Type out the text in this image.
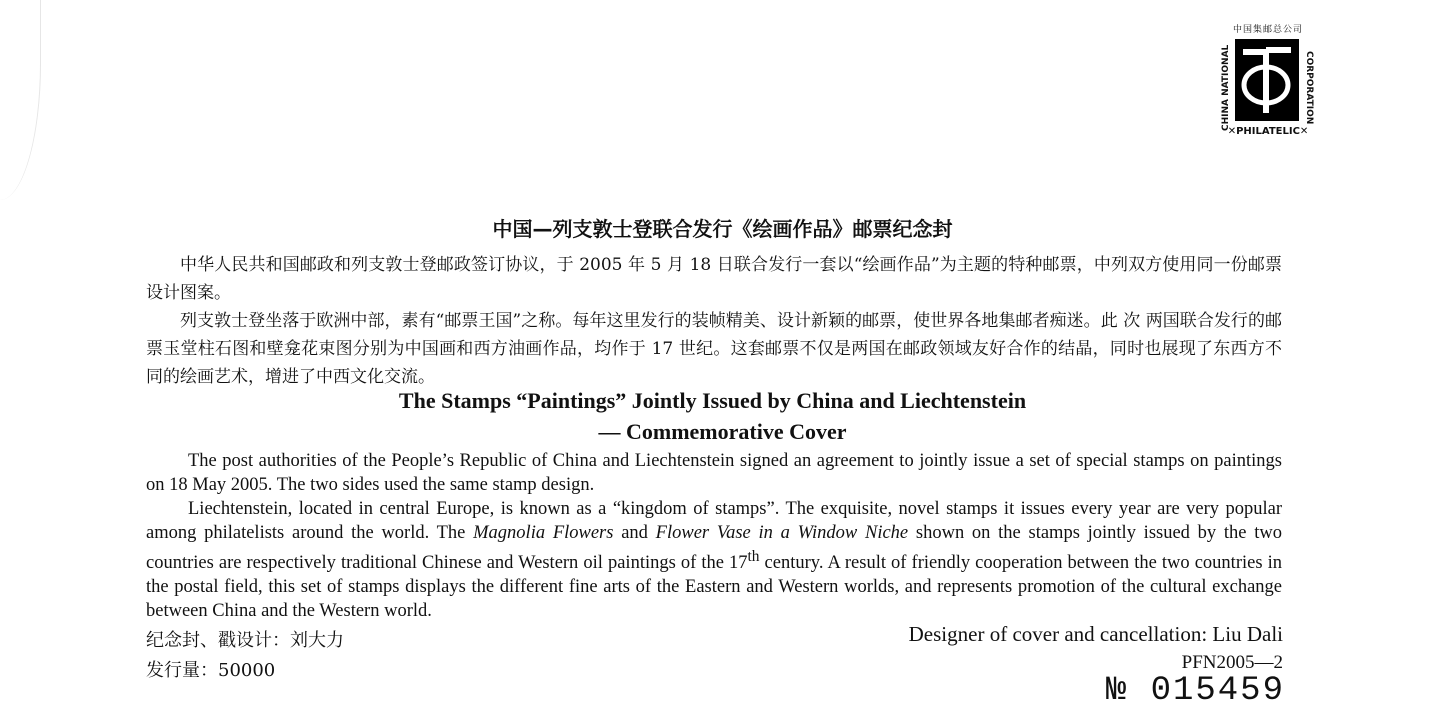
中国集邮总公司
CHINA NATIONAL	CORPORATION
✕PHILATELIC✕
中国—列支敦士登联合发行《绘画作品》邮票纪念封

中华人民共和国邮政和列支敦士登邮政签订协议，于 2005 年 5 月 18 日联合发行一套以“绘画作品”为主题的特种邮票，中列双方使用同一份邮票设计图案。

列支敦士登坐落于欧洲中部，素有“邮票王国”之称。每年这里发行的装帧精美、设计新颖的邮票，使世界各地集邮者痴迷。此 次 两国联合发行的邮票玉堂柱石图和壁龛花束图分别为中国画和西方油画作品，均作于 17 世纪。这套邮票不仅是两国在邮政领域友好合作的结晶，同时也展现了东西方不同的绘画艺术，增进了中西文化交流。

The Stamps “Paintings” Jointly Issued by China and Liechtenstein
— Commemorative Cover

The post authorities of the People’s Republic of China and Liechtenstein signed an agreement to jointly issue a set of special stamps on paintings on 18 May 2005. The two sides used the same stamp design.

Liechtenstein, located in central Europe, is known as a “kingdom of stamps”. The exquisite, novel stamps it issues every year are very popular among philatelists around the world. The Magnolia Flowers and Flower Vase in a Window Niche shown on the stamps jointly issued by the two countries are respectively traditional Chinese and Western oil paintings of the 17th century. A result of friendly cooperation between the two countries in the postal field, this set of stamps displays the different fine arts of the Eastern and Western worlds, and represents promotion of the cultural exchange between China and the Western world.

纪念封、戳设计：刘大力
发行量：50000
Designer of cover and cancellation: Liu Dali
PFN2005—2
№ 015459
